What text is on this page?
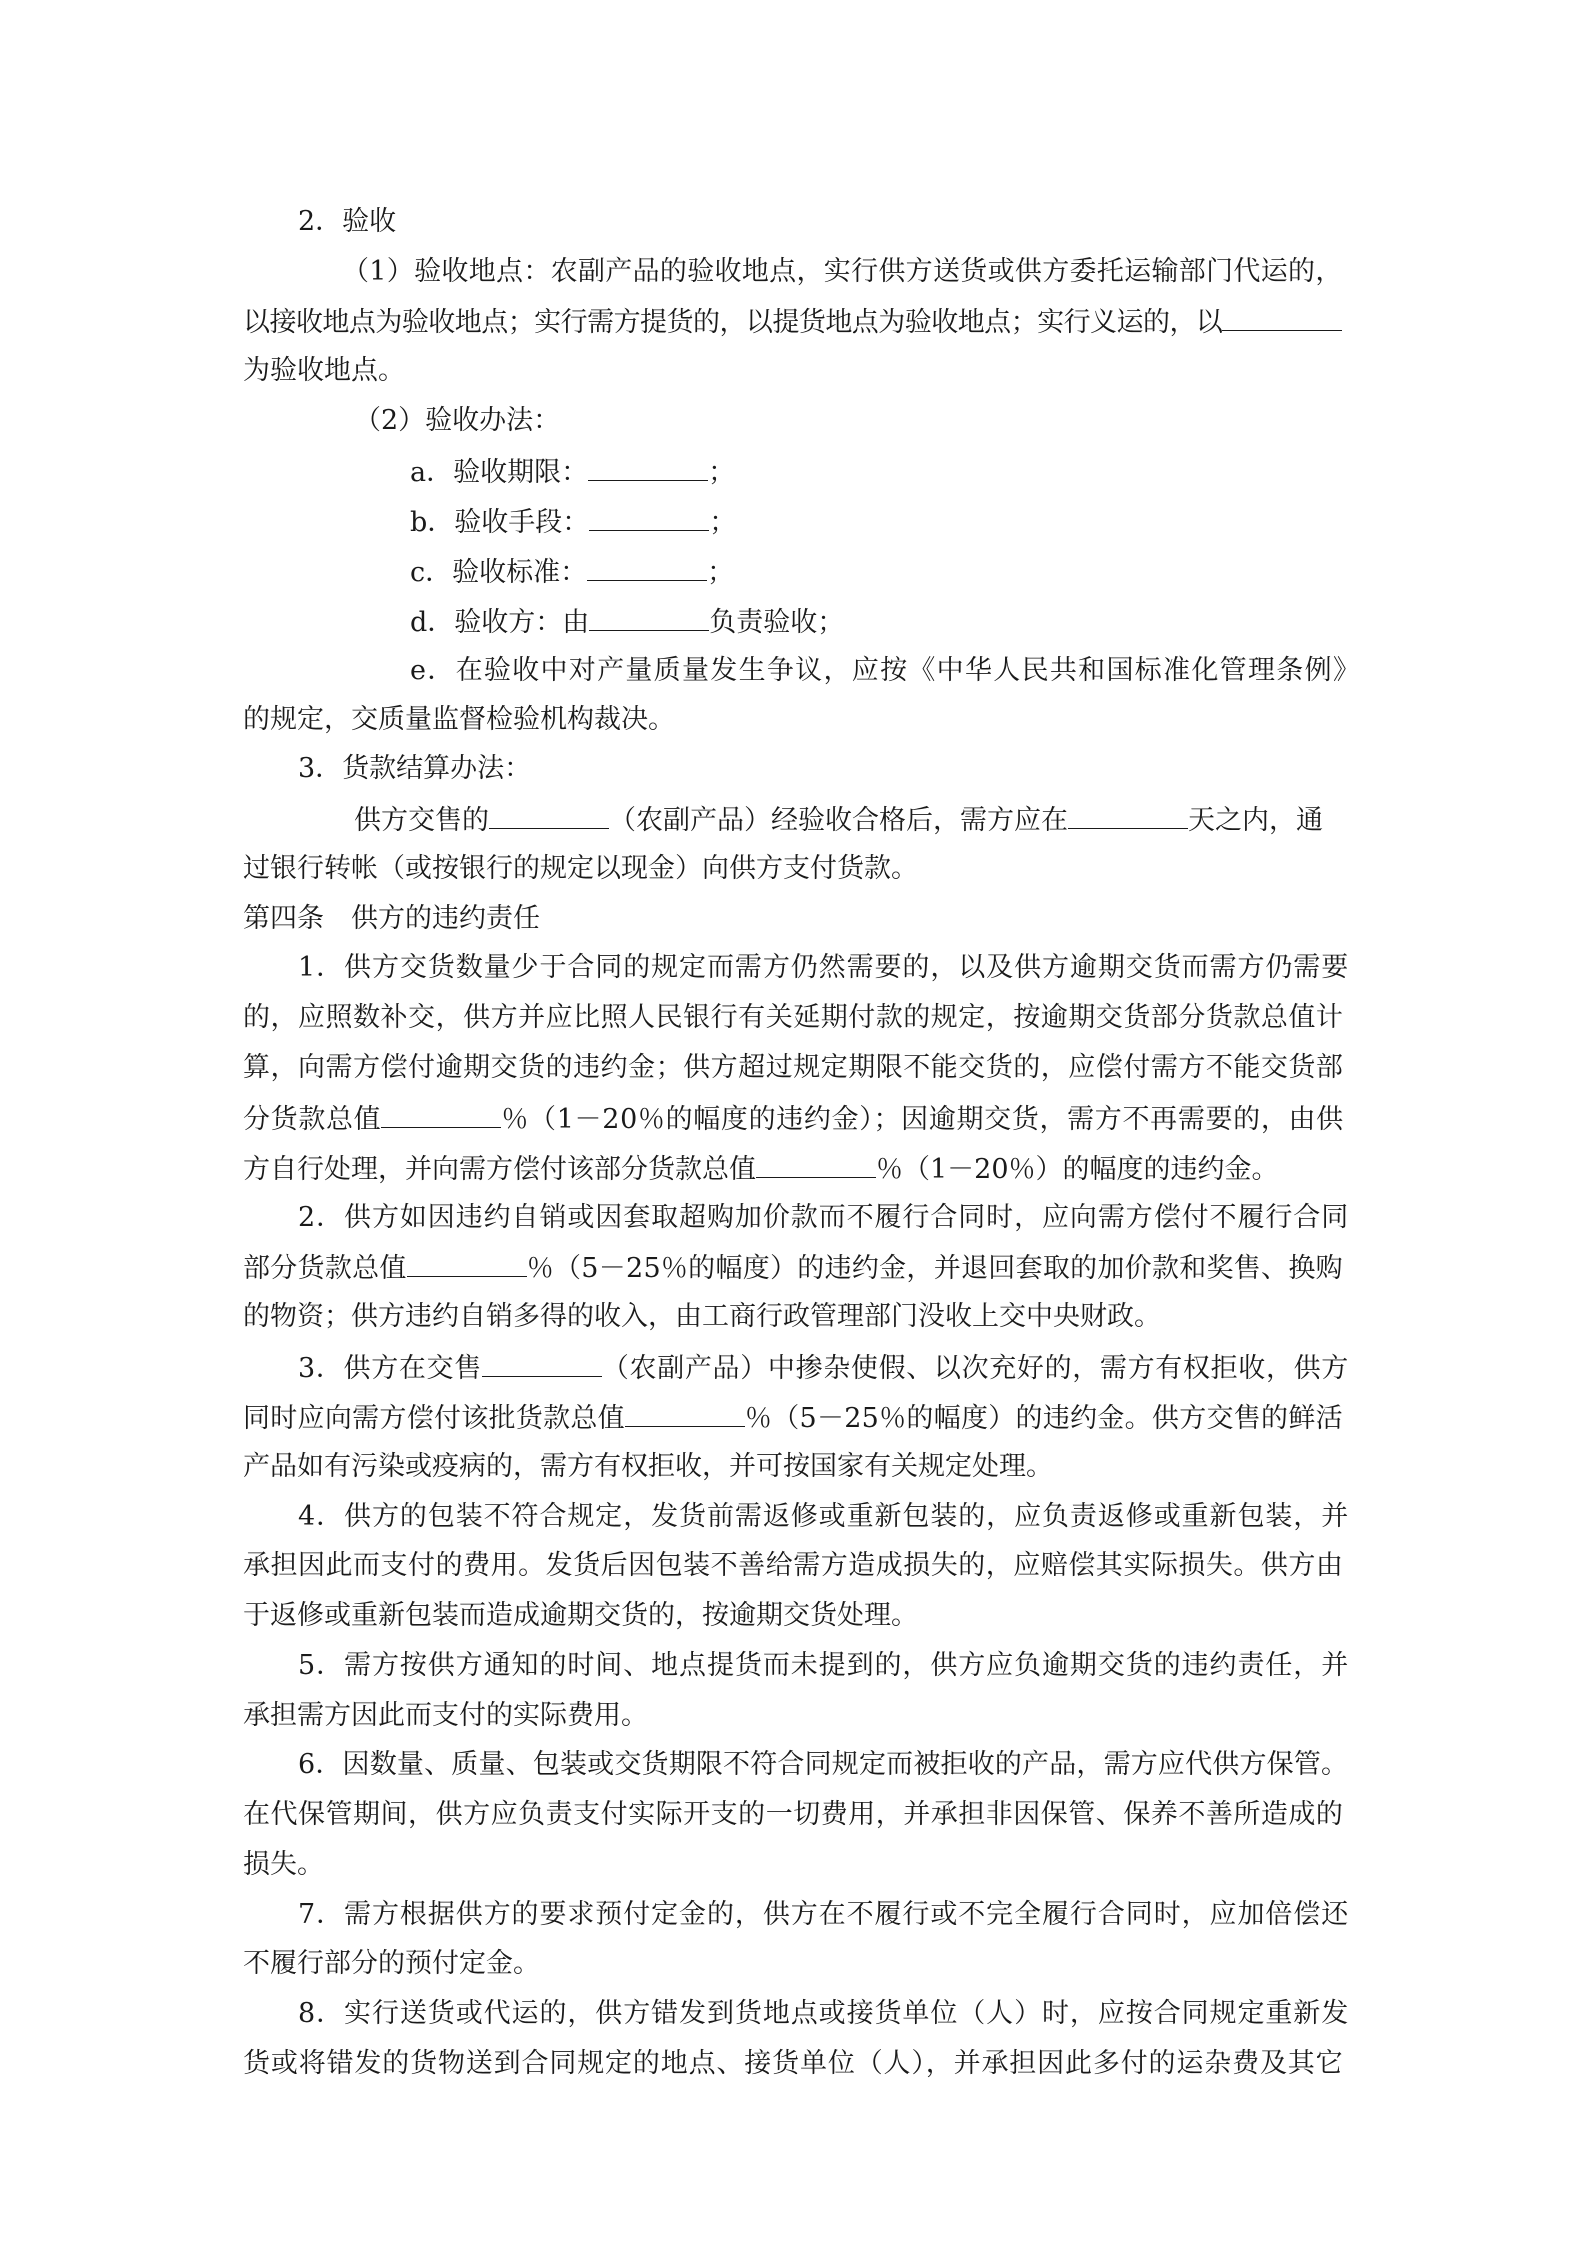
2．验收
（1）验收地点：农副产品的验收地点，实行供方送货或供方委托运输部门代运的，
以接收地点为验收地点；实行需方提货的，以提货地点为验收地点；实行义运的，以
为验收地点。
（2）验收办法：
a．验收期限：	；
b．验收手段：	；
c．验收标准：	；
d．验收方：由	负责验收；
e．在验收中对产量质量发生争议，应按《中华人民共和国标准化管理条例》
的规定，交质量监督检验机构裁决。
3．货款结算办法：
供方交售的	（农副产品）经验收合格后，需方应在	天之内，通
过银行转帐（或按银行的规定以现金）向供方支付货款。
第四条　供方的违约责任
1．供方交货数量少于合同的规定而需方仍然需要的，以及供方逾期交货而需方仍需要
的，应照数补交，供方并应比照人民银行有关延期付款的规定，按逾期交货部分货款总值计
算，向需方偿付逾期交货的违约金；供方超过规定期限不能交货的，应偿付需方不能交货部
分货款总值	％（1－20％的幅度的违约金）；因逾期交货，需方不再需要的，由供
方自行处理，并向需方偿付该部分货款总值	％（1－20％）的幅度的违约金。
2．供方如因违约自销或因套取超购加价款而不履行合同时，应向需方偿付不履行合同
部分货款总值	％（5－25％的幅度）的违约金，并退回套取的加价款和奖售、换购
的物资；供方违约自销多得的收入，由工商行政管理部门没收上交中央财政。
3．供方在交售	（农副产品）中掺杂使假、以次充好的，需方有权拒收，供方
同时应向需方偿付该批货款总值	％（5－25％的幅度）的违约金。供方交售的鲜活
产品如有污染或疫病的，需方有权拒收，并可按国家有关规定处理。
4．供方的包装不符合规定，发货前需返修或重新包装的，应负责返修或重新包装，并
承担因此而支付的费用。发货后因包装不善给需方造成损失的，应赔偿其实际损失。供方由
于返修或重新包装而造成逾期交货的，按逾期交货处理。
5．需方按供方通知的时间、地点提货而未提到的，供方应负逾期交货的违约责任，并
承担需方因此而支付的实际费用。
6．因数量、质量、包装或交货期限不符合同规定而被拒收的产品，需方应代供方保管。
在代保管期间，供方应负责支付实际开支的一切费用，并承担非因保管、保养不善所造成的
损失。
7．需方根据供方的要求预付定金的，供方在不履行或不完全履行合同时，应加倍偿还
不履行部分的预付定金。
8．实行送货或代运的，供方错发到货地点或接货单位（人）时，应按合同规定重新发
货或将错发的货物送到合同规定的地点、接货单位（人），并承担因此多付的运杂费及其它
